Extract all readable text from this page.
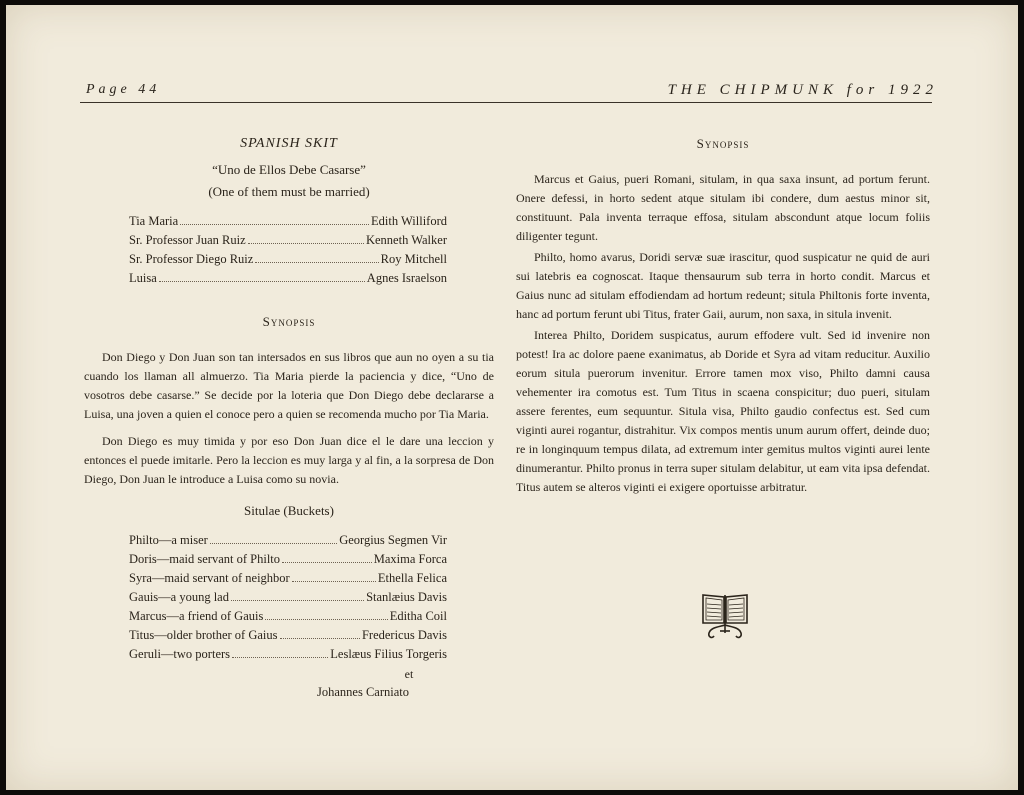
Page 44	THE CHIPMUNK for 1922
SPANISH SKIT
“Uno de Ellos Debe Casarse”
(One of them must be married)
Tia Maria	Edith Williford
Sr. Professor Juan Ruiz	Kenneth Walker
Sr. Professor Diego Ruiz	Roy Mitchell
Luisa	Agnes Israelson
Synopsis

Don Diego y Don Juan son tan intersados en sus libros que aun no oyen a su tia cuando los llaman all almuerzo. Tia Maria pierde la paciencia y dice, “Uno de vosotros debe casarse.” Se decide por la loteria que Don Diego debe declararse a Luisa, una joven a quien el conoce pero a quien se recomenda mucho por Tia Maria.

Don Diego es muy timida y por eso Don Juan dice el le dare una leccion y entonces el puede imitarle. Pero la leccion es muy larga y al fin, a la sorpresa de Don Diego, Don Juan le introduce a Luisa como su novia.

Situlae (Buckets)
Philto—a miser	Georgius Segmen Vir
Doris—maid servant of Philto	Maxima Forca
Syra—maid servant of neighbor	Ethella Felica
Gauis—a young lad	Stanlæius Davis
Marcus—a friend of Gauis	Editha Coil
Titus—older brother of Gaius	Fredericus Davis
Geruli—two porters	Leslæus Filius Torgeris
et
Johannes Carniato
Synopsis

Marcus et Gaius, pueri Romani, situlam, in qua saxa insunt, ad portum ferunt. Onere defessi, in horto sedent atque situlam ibi condere, dum aestus minor sit, constituunt. Pala inventa terraque effosa, situlam abscondunt atque locum foliis diligenter tegunt.

Philto, homo avarus, Doridi servæ suæ irascitur, quod suspicatur ne quid de auri sui latebris ea cognoscat. Itaque thensaurum sub terra in horto condit. Marcus et Gaius nunc ad situlam effodiendam ad hortum redeunt; situla Philtonis forte inventa, hanc ad portum ferunt ubi Titus, frater Gaii, aurum, non saxa, in situla invenit.

Interea Philto, Doridem suspicatus, aurum effodere vult. Sed id invenire non potest! Ira ac dolore paene exanimatus, ab Doride et Syra ad vitam reducitur. Auxilio eorum situla puerorum invenitur. Errore tamen mox viso, Philto damni causa vehementer ira comotus est. Tum Titus in scaena conspicitur; duo pueri, situlam assere ferentes, eum sequuntur. Situla visa, Philto gaudio confectus est. Sed cum viginti aurei rogantur, distrahitur. Vix compos mentis unum aurum offert, deinde duo; re in longinquum tempus dilata, ad extremum inter gemitus multos viginti aurei lente dinumerantur. Philto pronus in terra super situlam delabitur, ut eam vita ipsa defendat. Titus autem se alteros viginti ei exigere oportuisse arbitratur.
